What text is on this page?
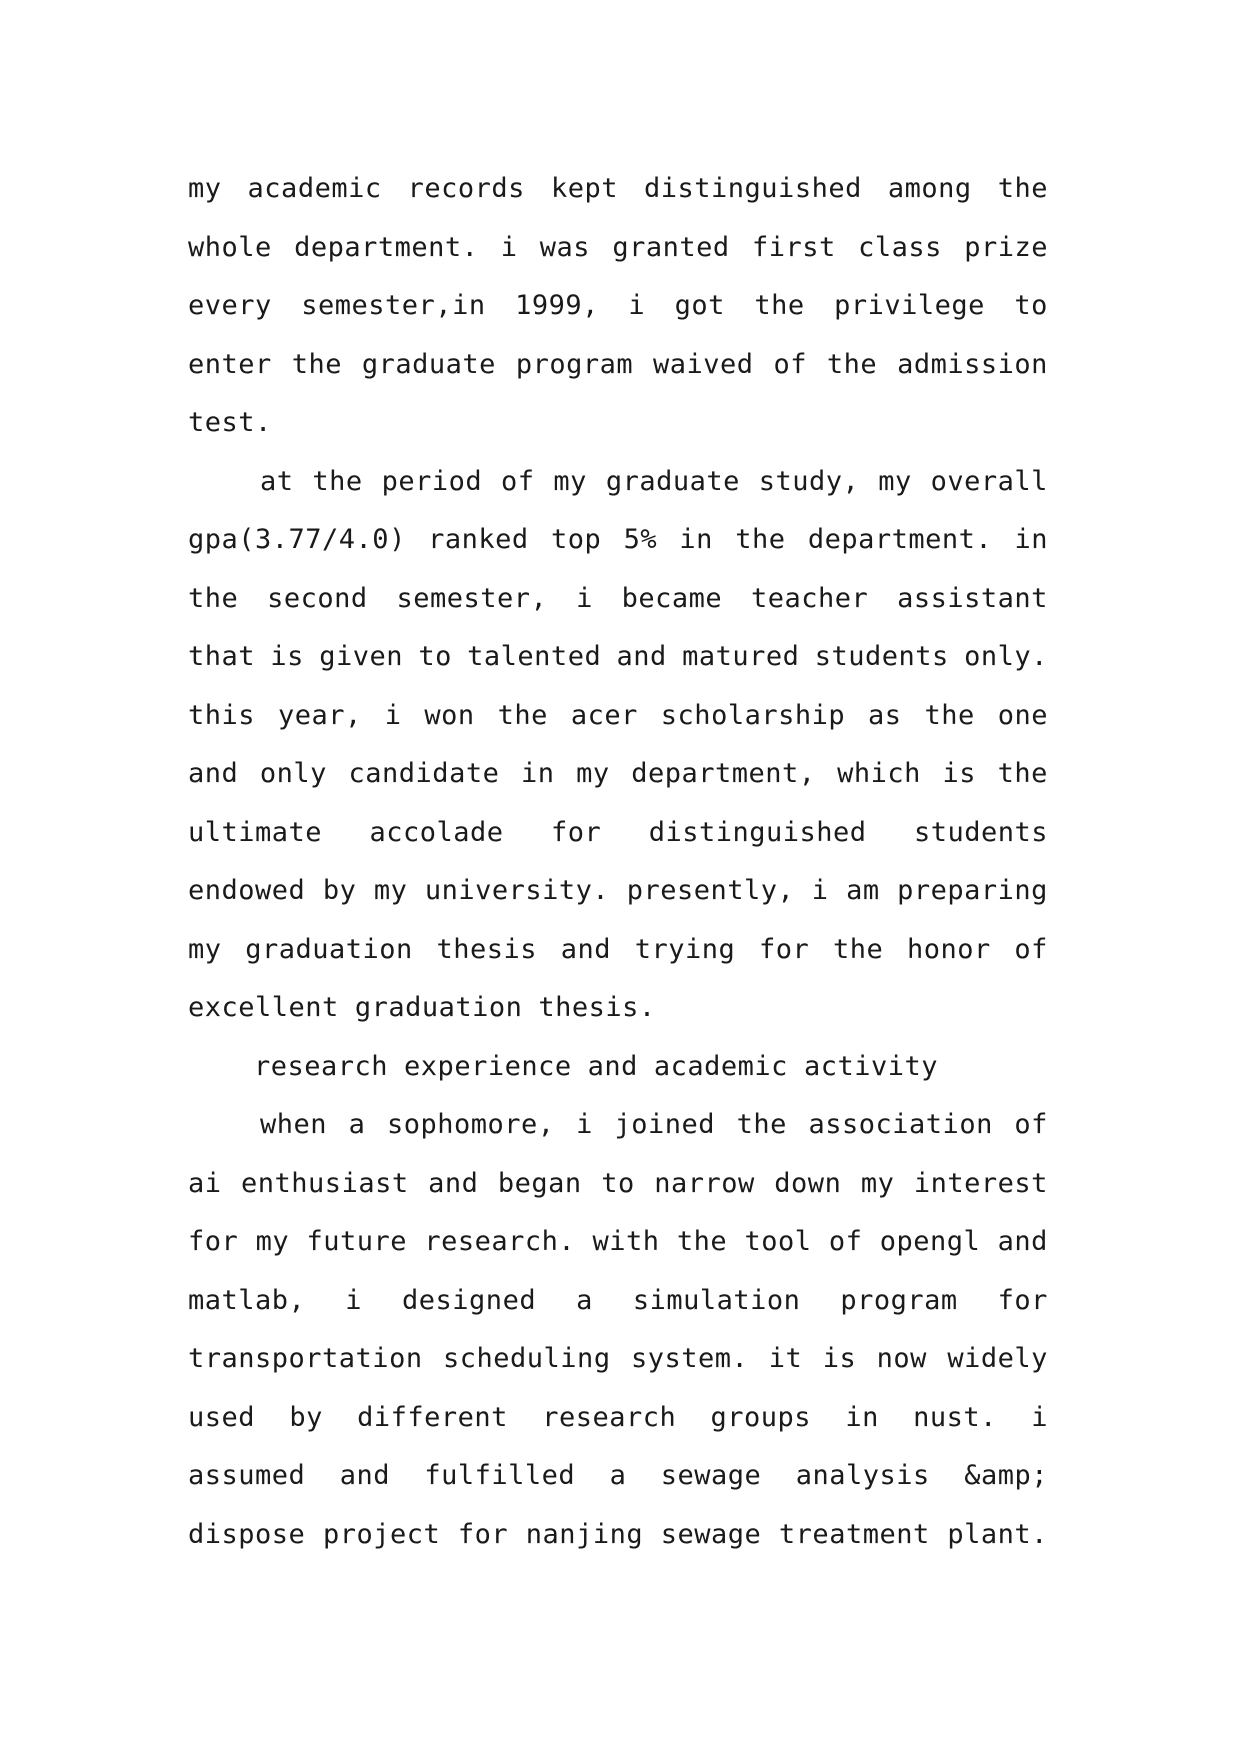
my academic records kept distinguished among the
whole department. i was granted first class prize
every semester,in 1999, i got the privilege to
enter the graduate program waived of the admission
test.
at the period of my graduate study, my overall
gpa(3.77/4.0) ranked top 5% in the department. in
the second semester, i became teacher assistant
that is given to talented and matured students only.
this year, i won the acer scholarship as the one
and only candidate in my department, which is the
ultimate accolade for distinguished students
endowed by my university. presently, i am preparing
my graduation thesis and trying for the honor of
excellent graduation thesis.
research experience and academic activity
when a sophomore, i joined the association of
ai enthusiast and began to narrow down my interest
for my future research. with the tool of opengl and
matlab, i designed a simulation program for
transportation scheduling system. it is now widely
used by different research groups in nust. i
assumed and fulfilled a sewage analysis &amp;
dispose project for nanjing sewage treatment plant.
